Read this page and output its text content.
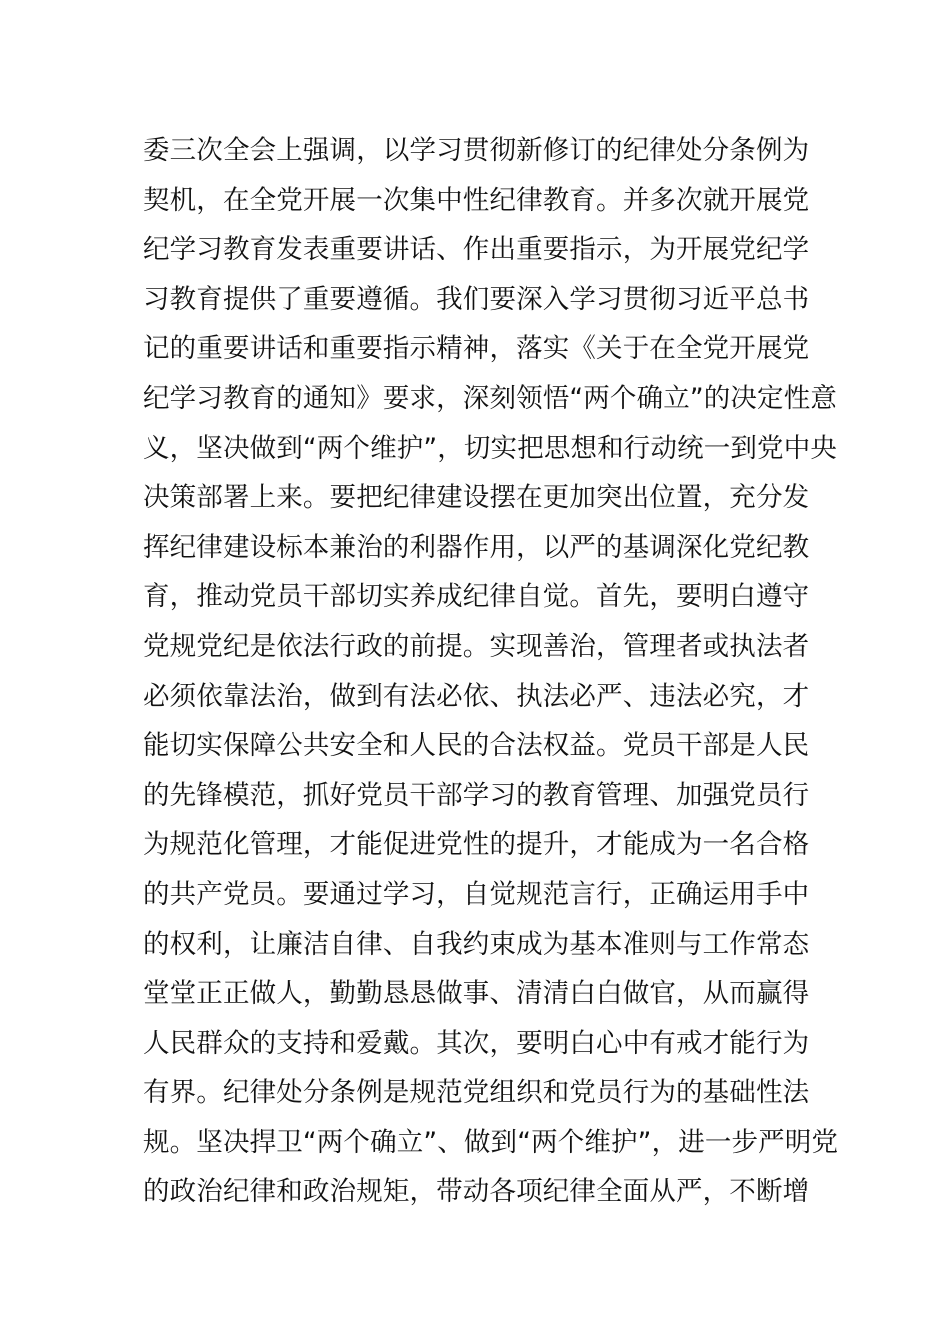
委三次全会上强调，以学习贯彻新修订的纪律处分条例为
契机，在全党开展一次集中性纪律教育。并多次就开展党
纪学习教育发表重要讲话、作出重要指示，为开展党纪学
习教育提供了重要遵循。我们要深入学习贯彻习近平总书
记的重要讲话和重要指示精神，落实《关于在全党开展党
纪学习教育的通知》要求，深刻领悟“两个确立”的决定性意
义，坚决做到“两个维护”，切实把思想和行动统一到党中央
决策部署上来。要把纪律建设摆在更加突出位置，充分发
挥纪律建设标本兼治的利器作用，以严的基调深化党纪教
育，推动党员干部切实养成纪律自觉。首先，要明白遵守
党规党纪是依法行政的前提。实现善治，管理者或执法者
必须依靠法治，做到有法必依、执法必严、违法必究，才
能切实保障公共安全和人民的合法权益。党员干部是人民
的先锋模范，抓好党员干部学习的教育管理、加强党员行
为规范化管理，才能促进党性的提升，才能成为一名合格
的共产党员。要通过学习，自觉规范言行，正确运用手中
的权利，让廉洁自律、自我约束成为基本准则与工作常态
堂堂正正做人，勤勤恳恳做事、清清白白做官，从而赢得
人民群众的支持和爱戴。其次，要明白心中有戒才能行为
有界。纪律处分条例是规范党组织和党员行为的基础性法
规。坚决捍卫“两个确立”、做到“两个维护”，进一步严明党
的政治纪律和政治规矩，带动各项纪律全面从严，不断增
